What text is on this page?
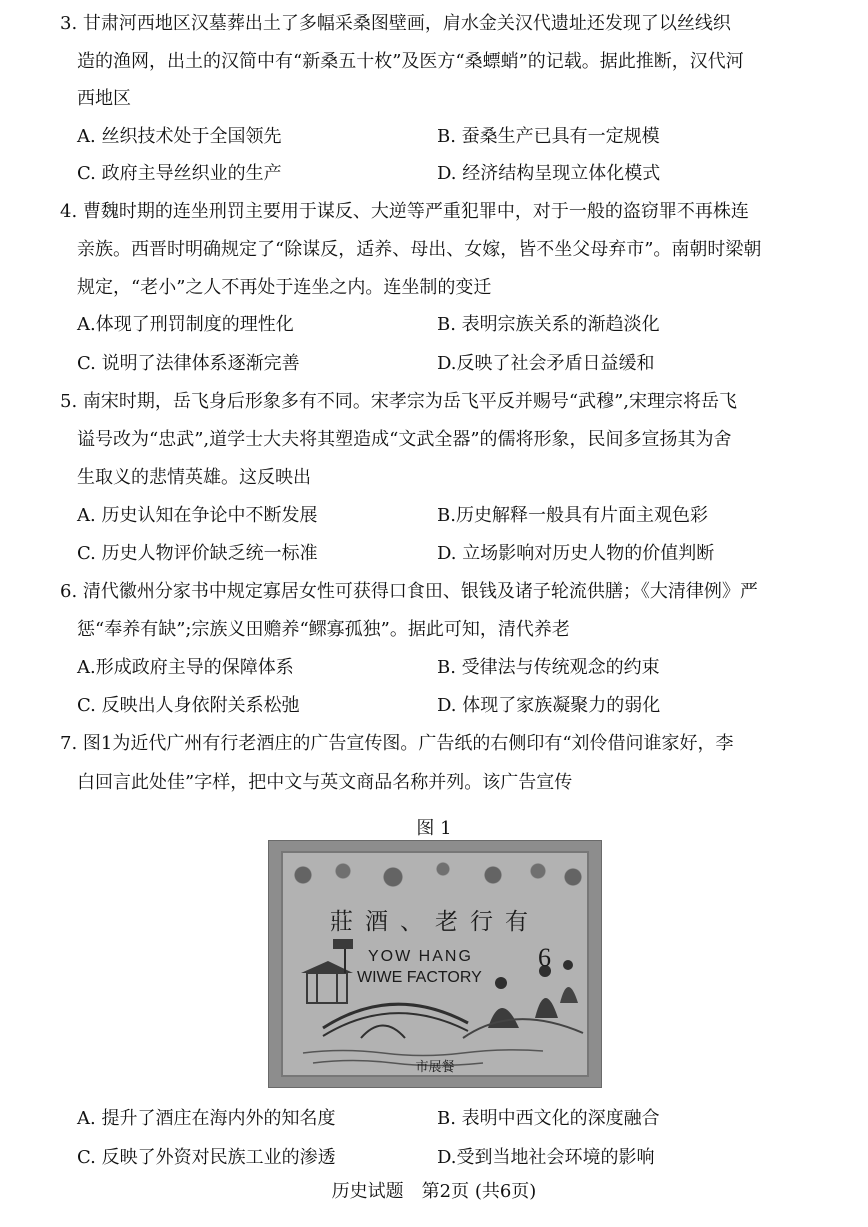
3. 甘肃河西地区汉墓葬出土了多幅采桑图壁画，肩水金关汉代遗址还发现了以丝线织
造的渔网，出土的汉简中有“新桑五十枚”及医方“桑螵蛸”的记载。据此推断，汉代河
西地区
A. 丝织技术处于全国领先	B. 蚕桑生产已具有一定规模
C. 政府主导丝织业的生产	D. 经济结构呈现立体化模式
4. 曹魏时期的连坐刑罚主要用于谋反、大逆等严重犯罪中，对于一般的盗窃罪不再株连
亲族。西晋时明确规定了“除谋反，适养、母出、女嫁，皆不坐父母弃市”。南朝时梁朝
规定，“老小”之人不再处于连坐之内。连坐制的变迁
A.体现了刑罚制度的理性化	B. 表明宗族关系的渐趋淡化
C. 说明了法律体系逐渐完善	D.反映了社会矛盾日益缓和
5. 南宋时期，岳飞身后形象多有不同。宋孝宗为岳飞平反并赐号“武穆”,宋理宗将岳飞
谥号改为“忠武”,道学士大夫将其塑造成“文武全器”的儒将形象，民间多宣扬其为舍
生取义的悲情英雄。这反映出
A. 历史认知在争论中不断发展	B.历史解释一般具有片面主观色彩
C. 历史人物评价缺乏统一标准	D. 立场影响对历史人物的价值判断
6. 清代徽州分家书中规定寡居女性可获得口食田、银钱及诸子轮流供膳；《大清律例》严
惩“奉养有缺”;宗族义田赡养“鳏寡孤独”。据此可知，清代养老
A.形成政府主导的保障体系	B. 受律法与传统观念的约束
C. 反映出人身依附关系松弛	D. 体现了家族凝聚力的弱化
7. 图1为近代广州有行老酒庄的广告宣传图。广告纸的右侧印有“刘伶借问谁家好，李
白回言此处佳”字样，把中文与英文商品名称并列。该广告宣传
图 1
莊酒、老行有
YOW HANG
WIWE FACTORY
6
市展餐
A. 提升了酒庄在海内外的知名度	B. 表明中西文化的深度融合
C. 反映了外资对民族工业的渗透	D.受到当地社会环境的影响
历史试题　第2页 (共6页)
